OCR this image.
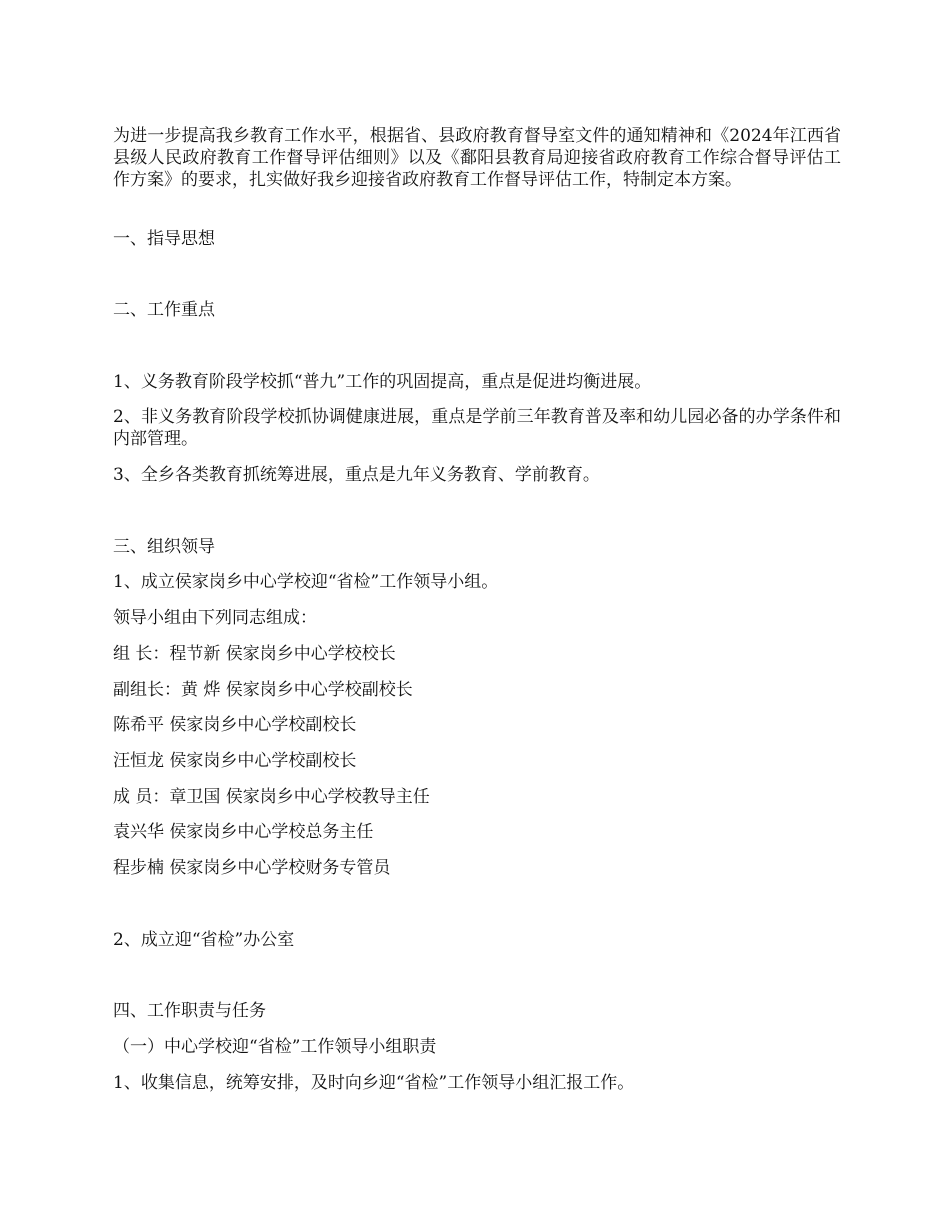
为进一步提高我乡教育工作水平，根据省、县政府教育督导室文件的通知精神和《2024年江西省县级人民政府教育工作督导评估细则》以及《鄱阳县教育局迎接省政府教育工作综合督导评估工作方案》的要求，扎实做好我乡迎接省政府教育工作督导评估工作，特制定本方案。
一、指导思想
二、工作重点
1、义务教育阶段学校抓“普九”工作的巩固提高，重点是促进均衡进展。
2、非义务教育阶段学校抓协调健康进展，重点是学前三年教育普及率和幼儿园必备的办学条件和内部管理。
3、全乡各类教育抓统筹进展，重点是九年义务教育、学前教育。
三、组织领导
1、成立侯家岗乡中心学校迎“省检”工作领导小组。
领导小组由下列同志组成：
组 长：程节新 侯家岗乡中心学校校长
副组长：黄 烨 侯家岗乡中心学校副校长
陈希平 侯家岗乡中心学校副校长
汪恒龙 侯家岗乡中心学校副校长
成 员：章卫国 侯家岗乡中心学校教导主任
袁兴华 侯家岗乡中心学校总务主任
程步楠 侯家岗乡中心学校财务专管员
2、成立迎“省检”办公室
四、工作职责与任务
（一）中心学校迎“省检”工作领导小组职责
1、收集信息，统筹安排，及时向乡迎“省检”工作领导小组汇报工作。
